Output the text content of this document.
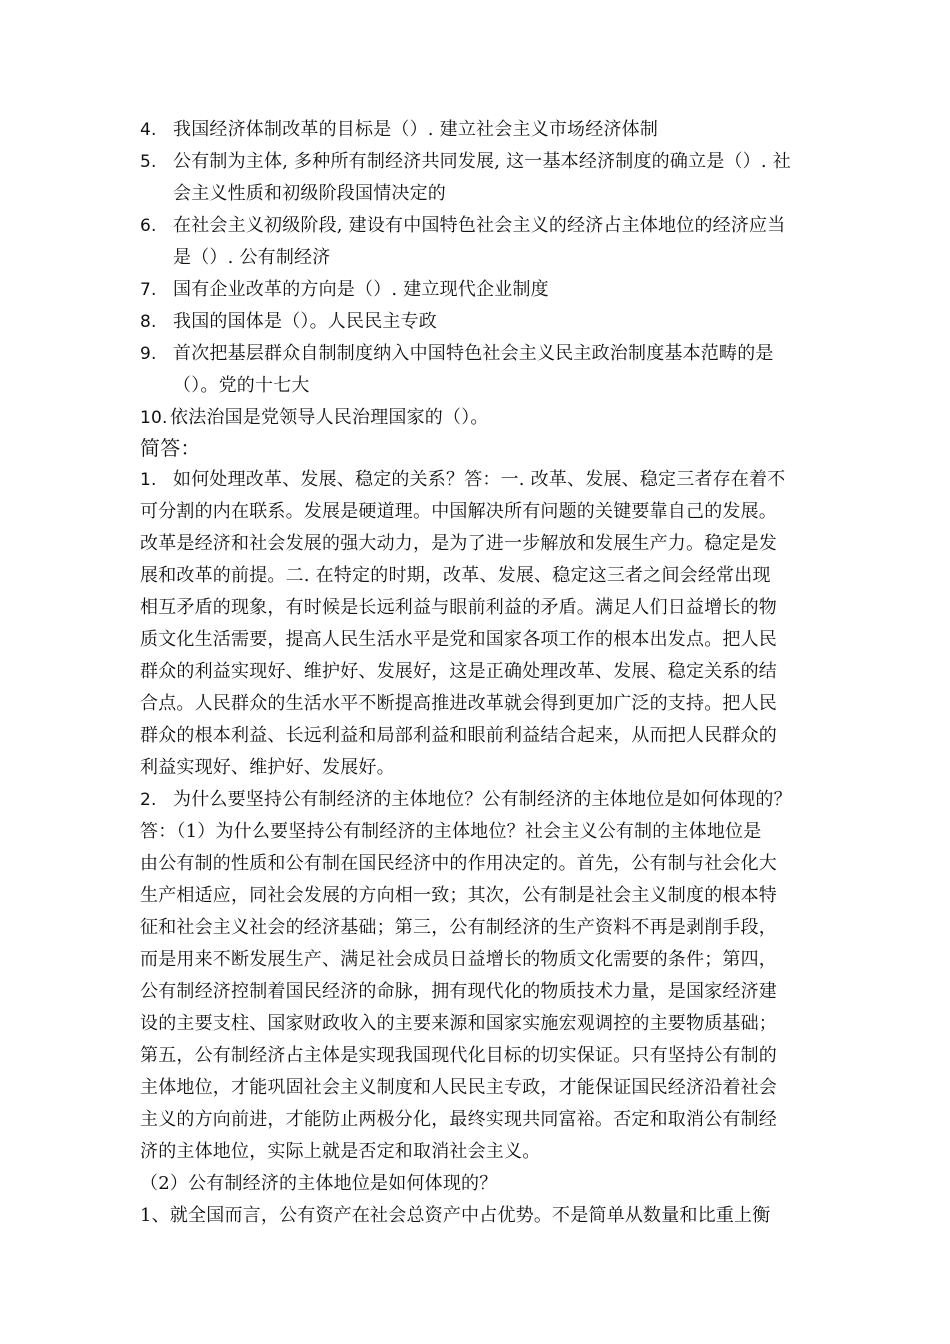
4. 我国经济体制改革的目标是（）. 建立社会主义市场经济体制
5. 公有制为主体, 多种所有制经济共同发展, 这一基本经济制度的确立是（）. 社
会主义性质和初级阶段国情决定的
6. 在社会主义初级阶段, 建设有中国特色社会主义的经济占主体地位的经济应当
是（）. 公有制经济
7. 国有企业改革的方向是（）. 建立现代企业制度
8. 我国的国体是（）。人民民主专政
9. 首次把基层群众自制制度纳入中国特色社会主义民主政治制度基本范畴的是
（）。党的十七大
10. 依法治国是党领导人民治理国家的（）。
简答：
1. 如何处理改革、发展、稳定的关系？答：一. 改革、发展、稳定三者存在着不
可分割的内在联系。发展是硬道理。中国解决所有问题的关键要靠自己的发展。
改革是经济和社会发展的强大动力，是为了进一步解放和发展生产力。稳定是发
展和改革的前提。二. 在特定的时期，改革、发展、稳定这三者之间会经常出现
相互矛盾的现象，有时候是长远利益与眼前利益的矛盾。满足人们日益增长的物
质文化生活需要，提高人民生活水平是党和国家各项工作的根本出发点。把人民
群众的利益实现好、维护好、发展好，这是正确处理改革、发展、稳定关系的结
合点。人民群众的生活水平不断提高推进改革就会得到更加广泛的支持。把人民
群众的根本利益、长远利益和局部利益和眼前利益结合起来，从而把人民群众的
利益实现好、维护好、发展好。
2. 为什么要坚持公有制经济的主体地位？公有制经济的主体地位是如何体现的？
答：（1）为什么要坚持公有制经济的主体地位？社会主义公有制的主体地位是
由公有制的性质和公有制在国民经济中的作用决定的。首先，公有制与社会化大
生产相适应，同社会发展的方向相一致；其次，公有制是社会主义制度的根本特
征和社会主义社会的经济基础；第三，公有制经济的生产资料不再是剥削手段，
而是用来不断发展生产、满足社会成员日益增长的物质文化需要的条件；第四，
公有制经济控制着国民经济的命脉，拥有现代化的物质技术力量，是国家经济建
设的主要支柱、国家财政收入的主要来源和国家实施宏观调控的主要物质基础；
第五，公有制经济占主体是实现我国现代化目标的切实保证。只有坚持公有制的
主体地位，才能巩固社会主义制度和人民民主专政，才能保证国民经济沿着社会
主义的方向前进，才能防止两极分化，最终实现共同富裕。否定和取消公有制经
济的主体地位，实际上就是否定和取消社会主义。
（2）公有制经济的主体地位是如何体现的？
1、就全国而言，公有资产在社会总资产中占优势。不是简单从数量和比重上衡
